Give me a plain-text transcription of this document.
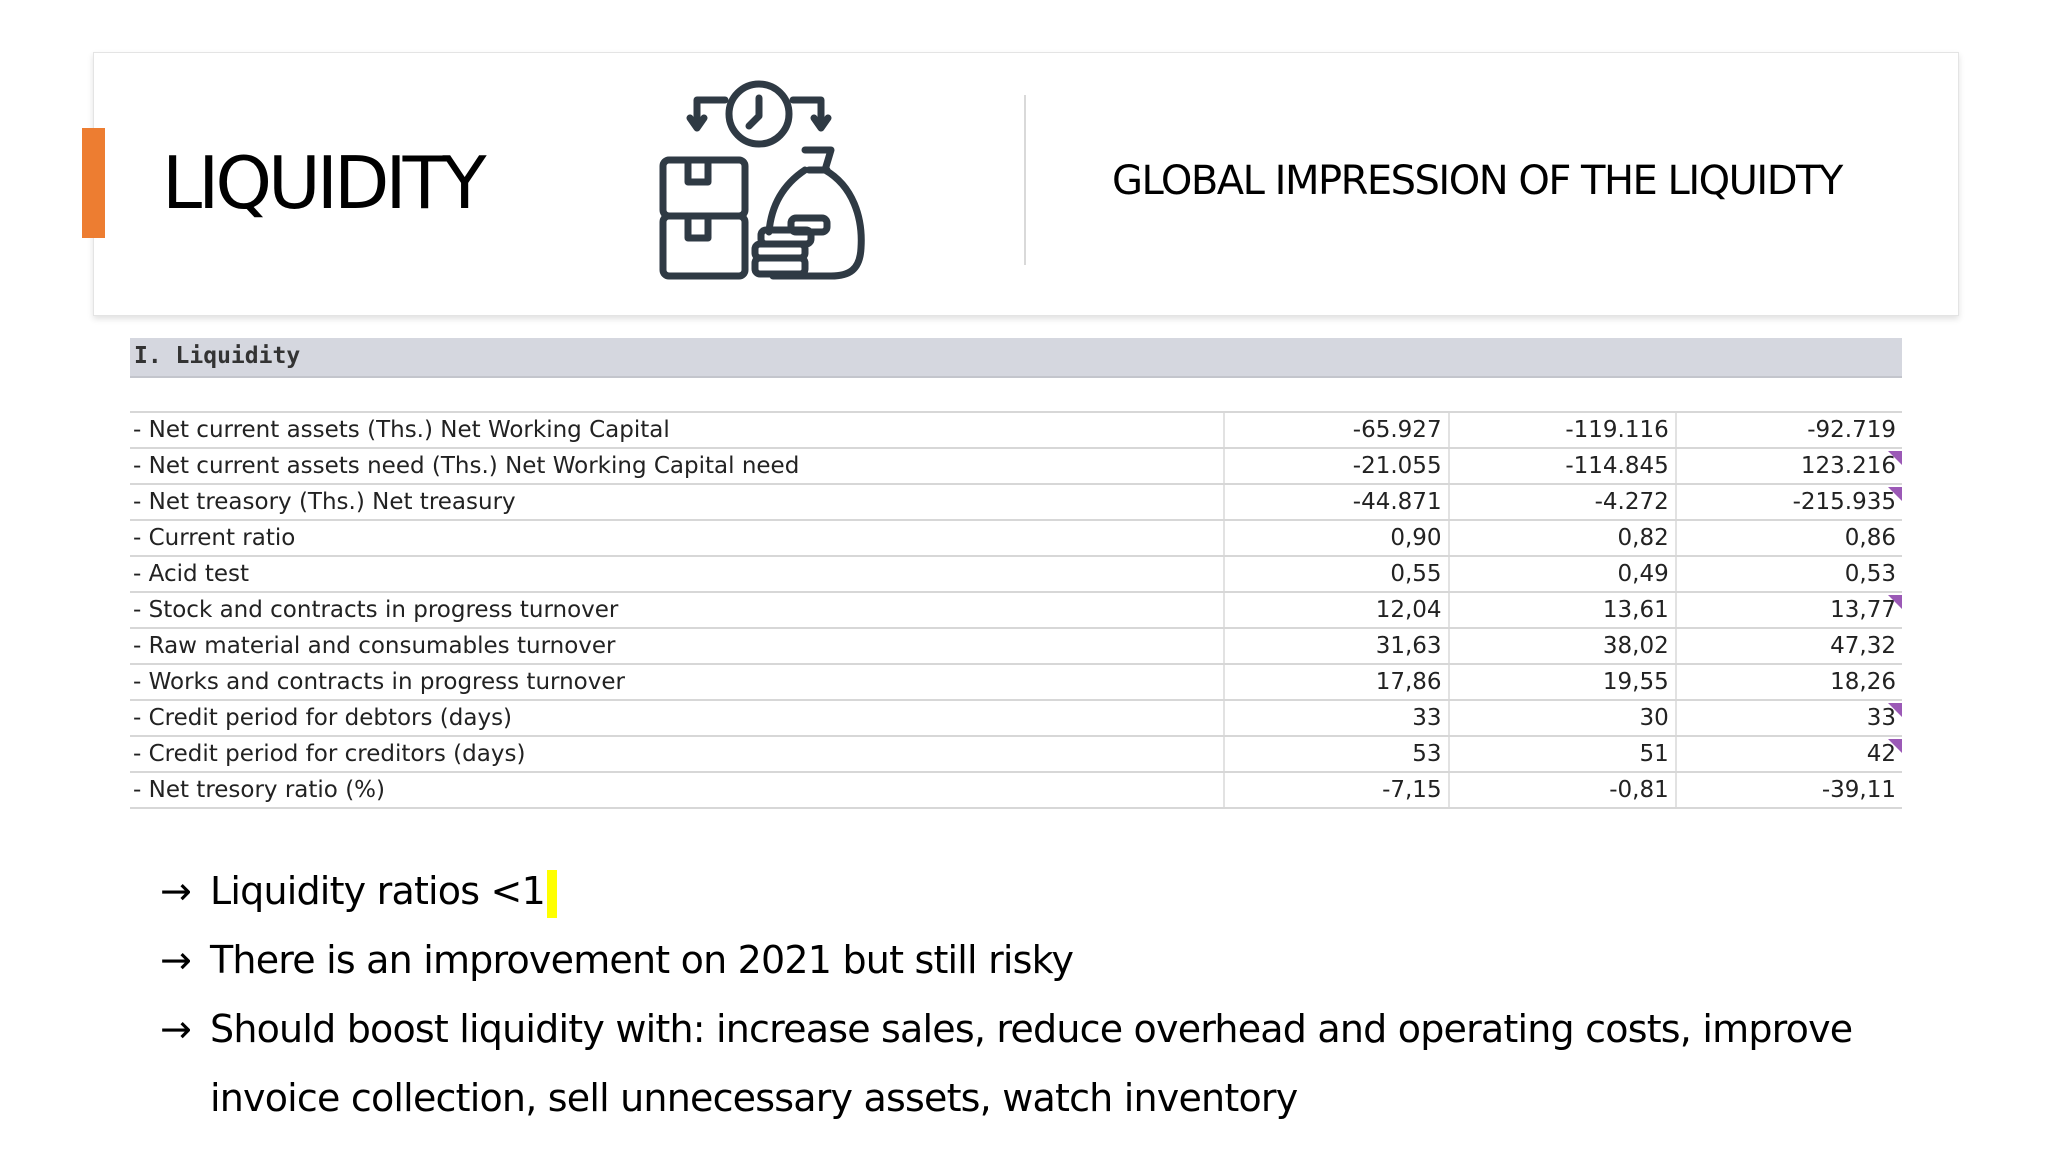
LIQUIDITY	GLOBAL IMPRESSION OF THE LIQUIDTY
I. Liquidity
- Net current assets (Ths.) Net Working Capital	-65.927	-119.116	-92.719
- Net current assets need (Ths.) Net Working Capital need	-21.055	-114.845	123.216

- Net treasory (Ths.) Net treasury	-44.871	-4.272	-215.935

- Current ratio	0,90	0,82	0,86
- Acid test	0,55	0,49	0,53
- Stock and contracts in progress turnover	12,04	13,61	13,77

- Raw material and consumables turnover	31,63	38,02	47,32
- Works and contracts in progress turnover	17,86	19,55	18,26
- Credit period for debtors (days)	33	30	33

- Credit period for creditors (days)	53	51	42

- Net tresory ratio (%)	-7,15	-0,81	-39,11
→ Liquidity ratios <1
→ There is an improvement on 2021 but still risky
→ Should boost liquidity with: increase sales, reduce overhead and operating costs, improve invoice collection, sell unnecessary assets, watch inventory
